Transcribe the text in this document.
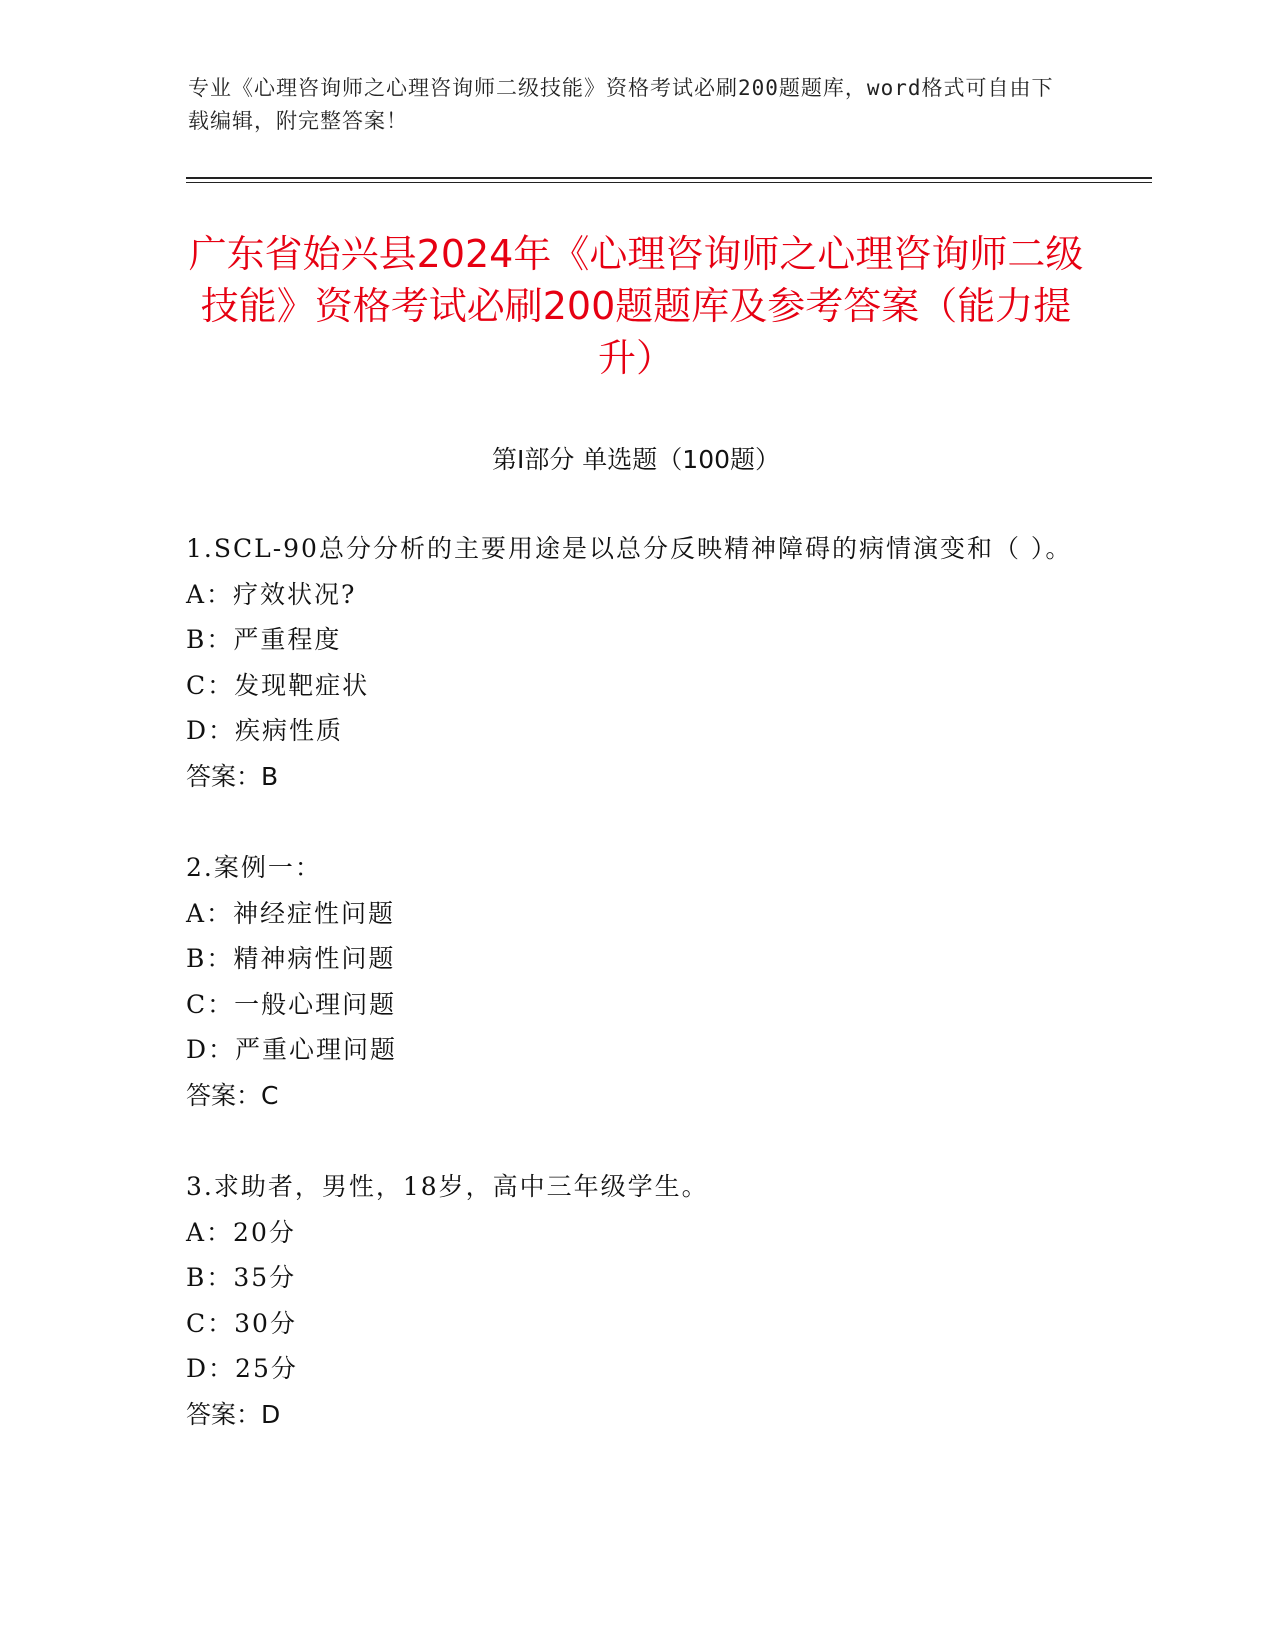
专业《心理咨询师之心理咨询师二级技能》资格考试必刷200题题库，word格式可自由下载编辑，附完整答案！
广东省始兴县2024年《心理咨询师之心理咨询师二级技能》资格考试必刷200题题库及参考答案（能力提升）
第Ⅰ部分 单选题（100题）
1.SCL-90总分分析的主要用途是以总分反映精神障碍的病情演变和（ ）。
A：疗效状况?
B：严重程度
C：发现靶症状
D：疾病性质
答案：B
2.案例一：
A：神经症性问题
B：精神病性问题
C：一般心理问题
D：严重心理问题
答案：C
3.求助者，男性，18岁，高中三年级学生。
A：20分
B：35分
C：30分
D：25分
答案：D
